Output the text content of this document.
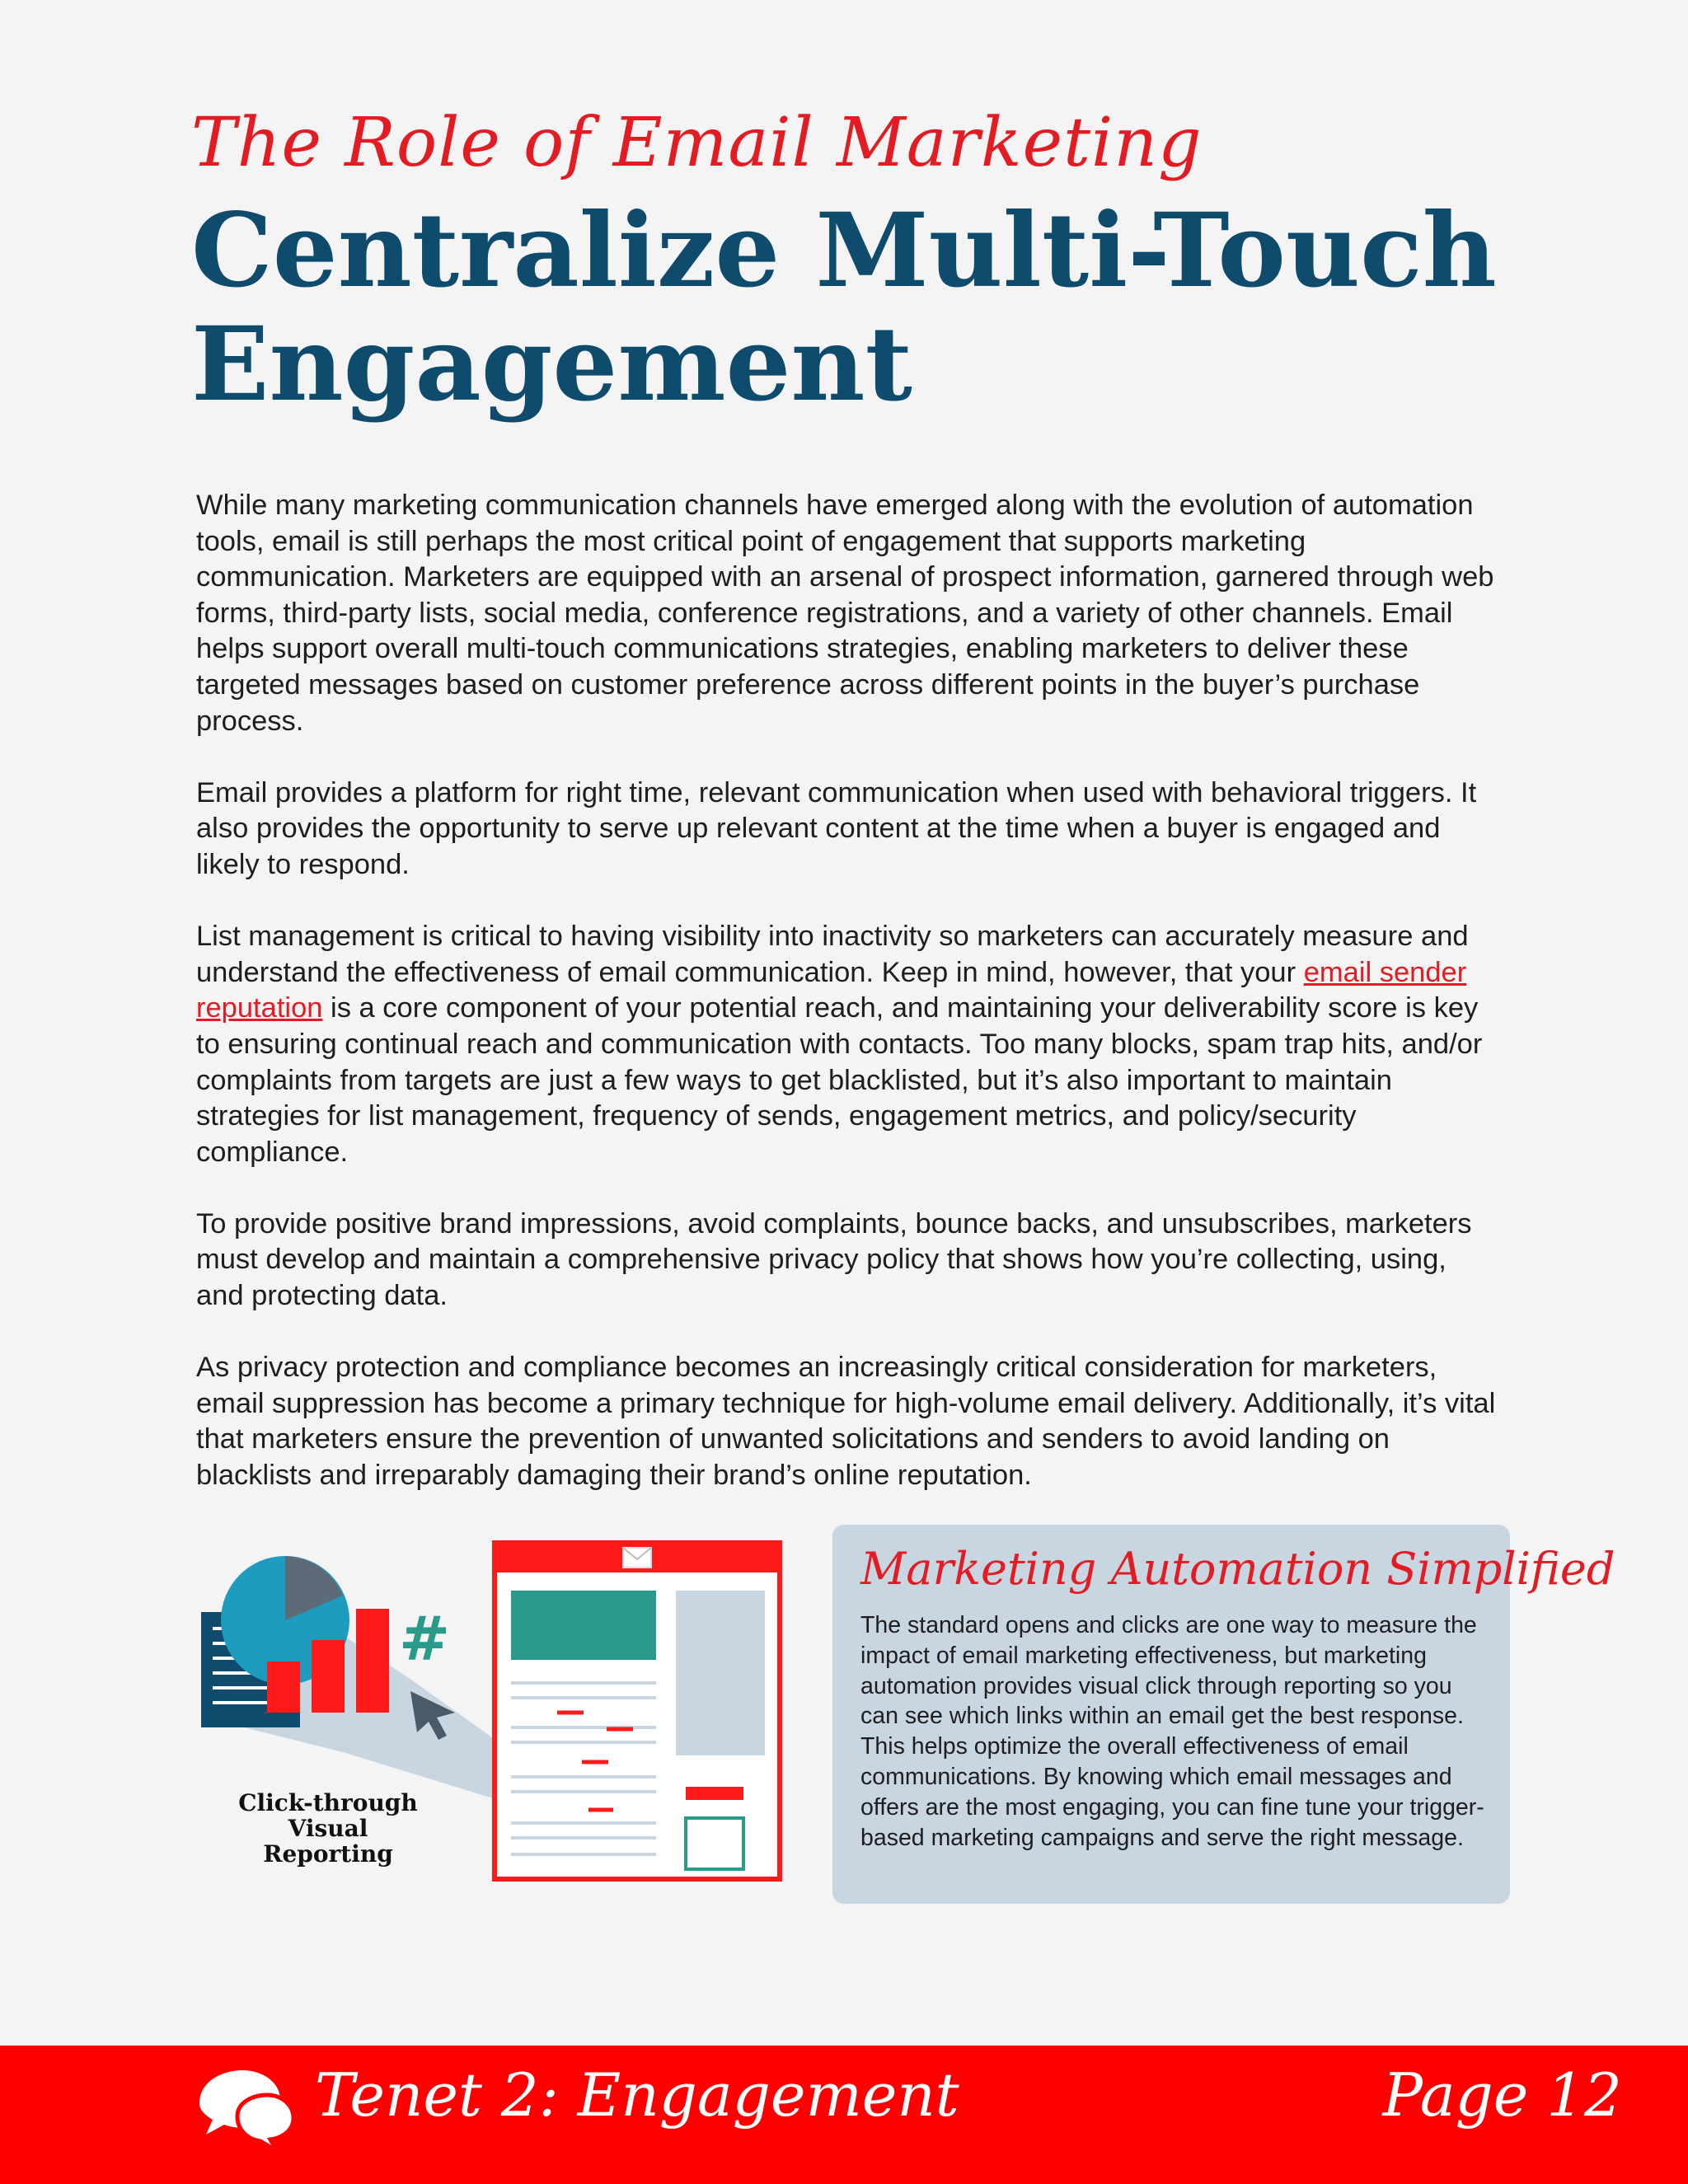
The Role of Email Marketing
Centralize Multi-Touch Engagement

While many marketing communication channels have emerged along with the evolution of automation tools, email is still perhaps the most critical point of engagement that supports marketing communication. Marketers are equipped with an arsenal of prospect information, garnered through web forms, third-party lists, social media, conference registrations, and a variety of other channels. Email helps support overall multi-touch communications strategies, enabling marketers to deliver these targeted messages based on customer preference across different points in the buyer’s purchase process.

Email provides a platform for right time, relevant communication when used with behavioral triggers. It also provides the opportunity to serve up relevant content at the time when a buyer is engaged and likely to respond.

List management is critical to having visibility into inactivity so marketers can accurately measure and understand the effectiveness of email communication. Keep in mind, however, that your email sender reputation is a core component of your potential reach, and maintaining your deliverability score is key to ensuring continual reach and communication with contacts. Too many blocks, spam trap hits, and/or complaints from targets are just a few ways to get blacklisted, but it’s also important to maintain strategies for list management, frequency of sends, engagement metrics, and policy/security compliance.

To provide positive brand impressions, avoid complaints, bounce backs, and unsubscribes, marketers must develop and maintain a comprehensive privacy policy that shows how you’re collecting, using, and protecting data.

As privacy protection and compliance becomes an increasingly critical consideration for marketers, email suppression has become a primary technique for high-volume email delivery. Additionally, it’s vital that marketers ensure the prevention of unwanted solicitations and senders to avoid landing on blacklists and irreparably damaging their brand’s online reputation.

#
Click-through Visual Reporting
Marketing Automation Simplified
The standard opens and clicks are one way to measure the impact of email marketing effectiveness, but marketing automation provides visual click through reporting so you can see which links within an email get the best response. This helps optimize the overall effectiveness of email communications. By knowing which email messages and offers are the most engaging, you can fine tune your trigger-based marketing campaigns and serve the right message.
Tenet 2: Engagement	Page 12
